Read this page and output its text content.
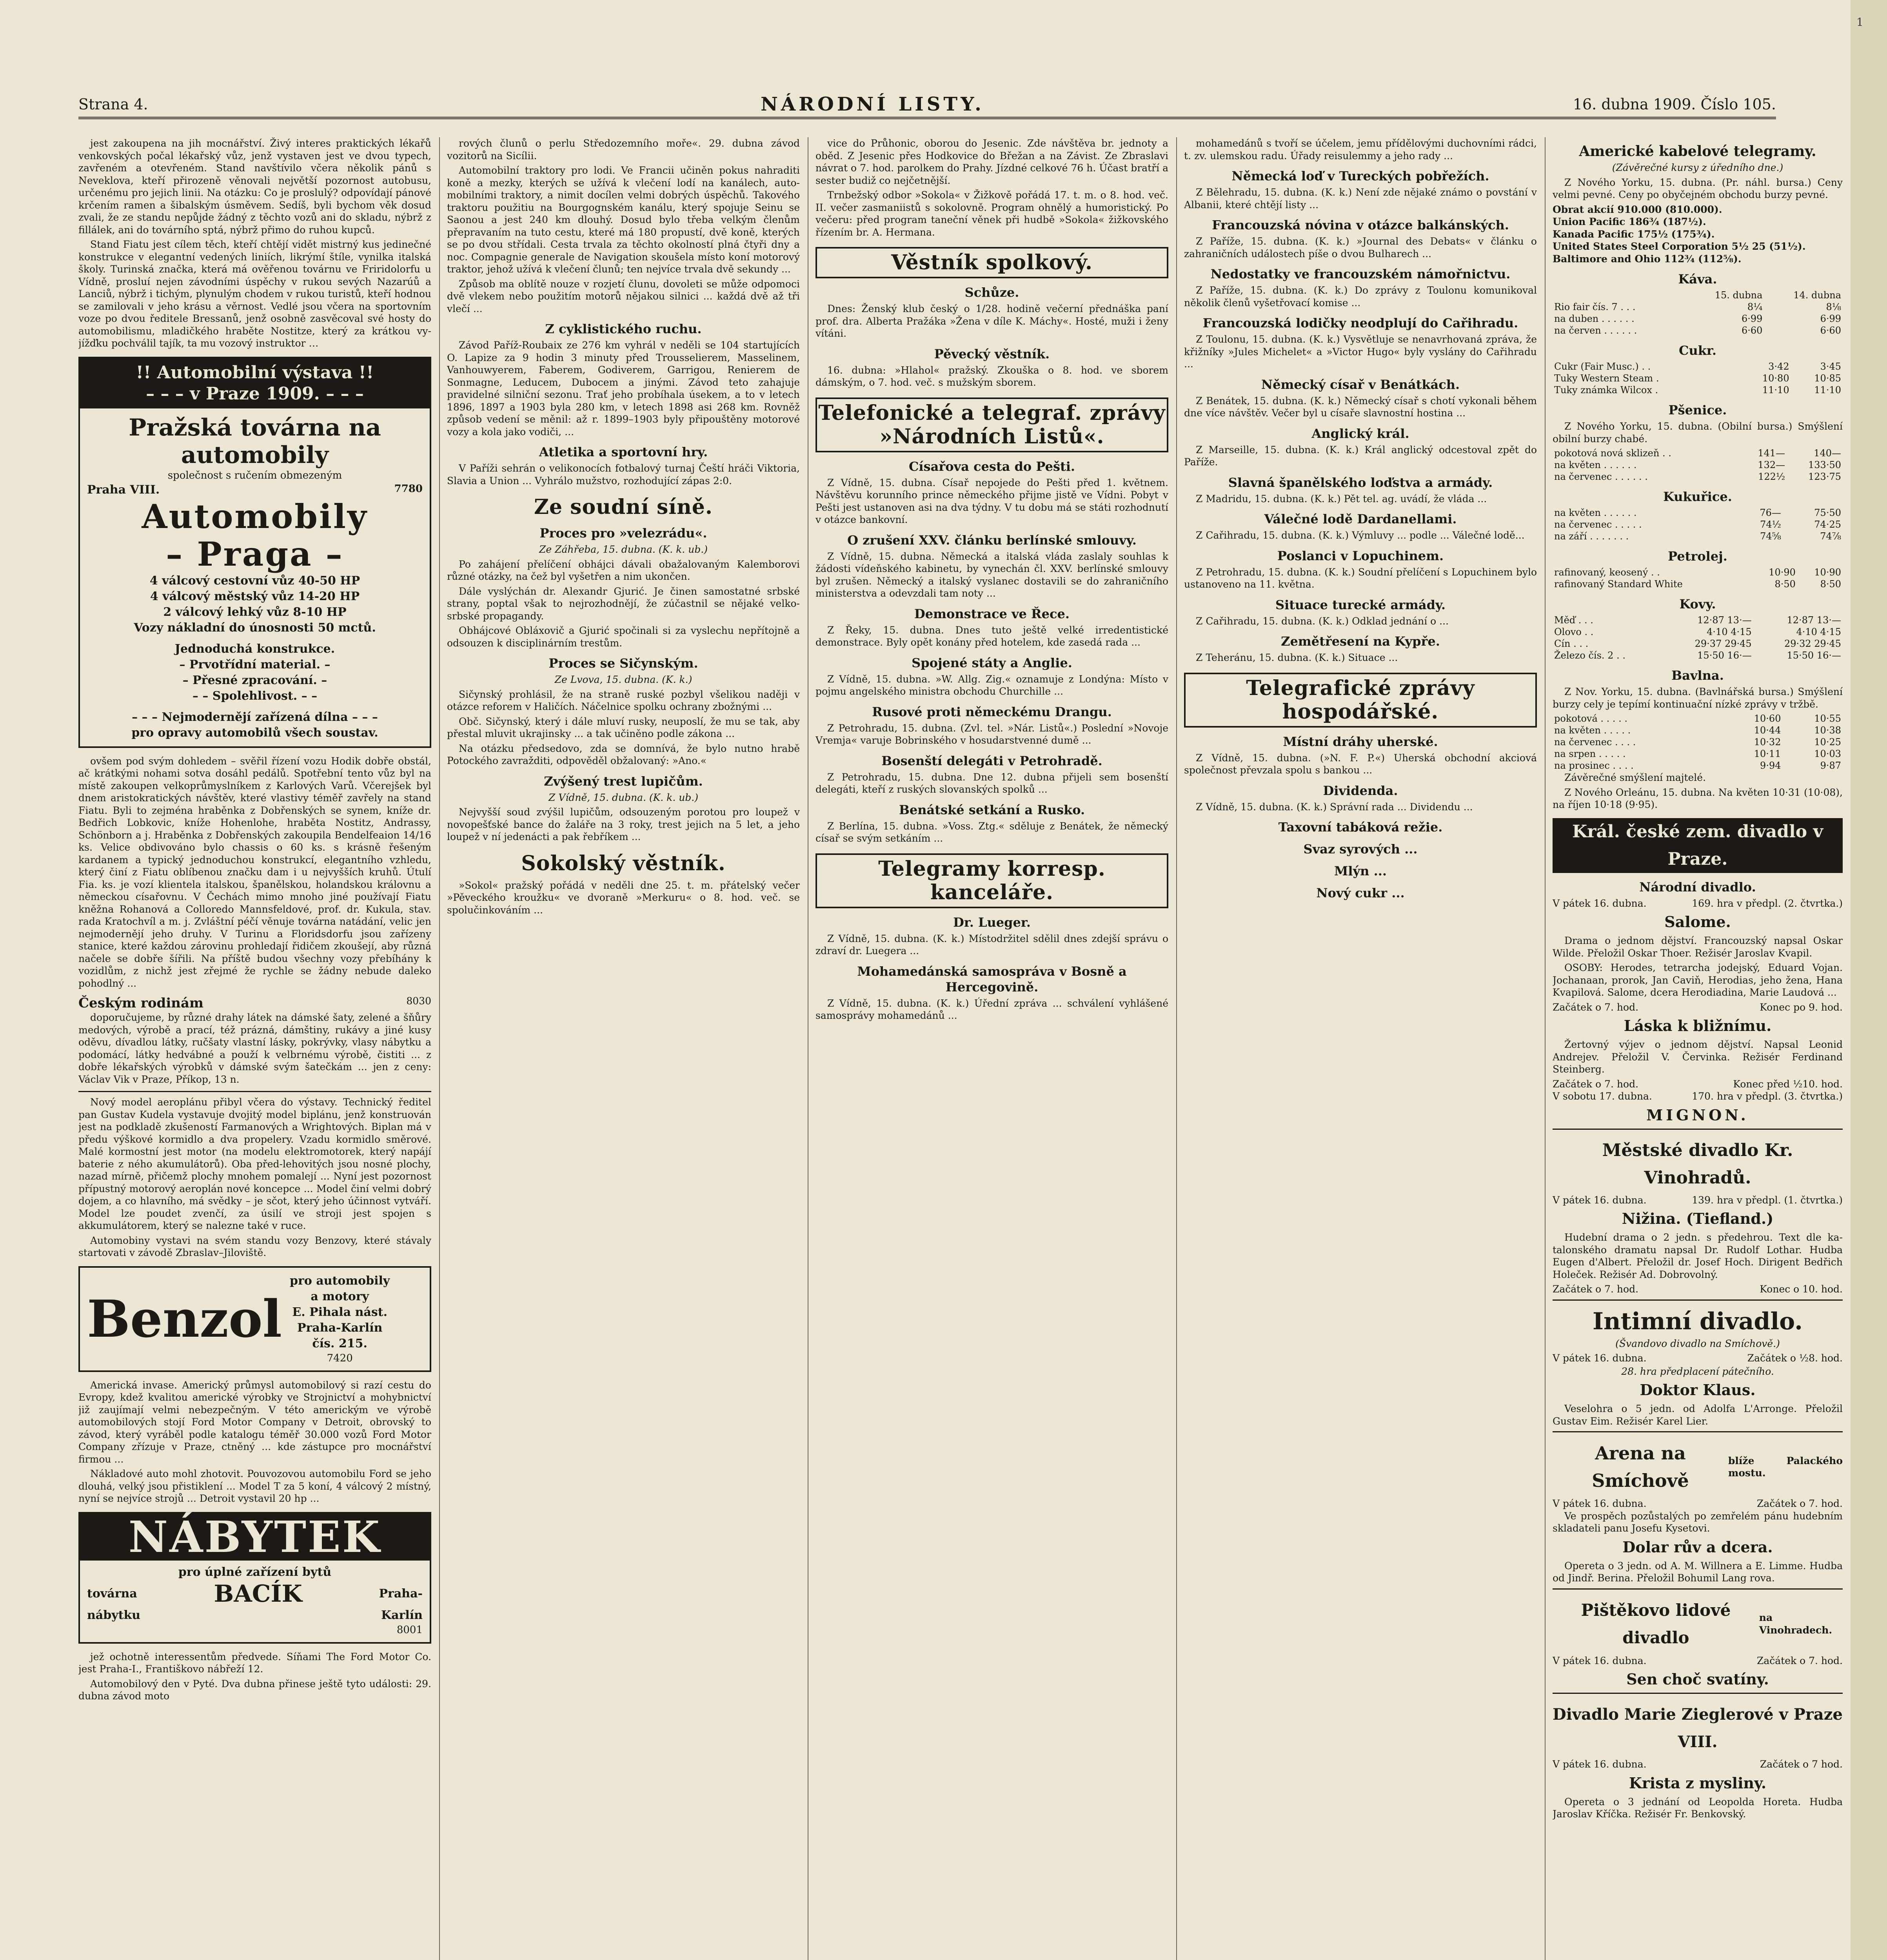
1
Strana 4.	NÁRODNÍ LISTY.	16. dubna 1909. Číslo 105.

jest zakoupena na jih mocnářství. Živý interes praktických lékařů venkovských počal lékařský vůz, jenž vystaven jest ve dvou typech, zavřeném a otevřeném. Stand navštívilo včera několik pánů s Neveklova, kteří přirozeně věnovali největší pozornost autobusu, určenému pro jejich linii. Na otázku: Co je proslulý? odpovídají pánové krčením ramen a šibalským úsměvem. Sedíš, byli bychom věk dosud zvali, že ze standu nepůjde žádný z těchto vozů ani do skladu, nýbrž z fillálek, ani do továrního sptá, nýbrž přimo do ruhou kupců.

Stand Fiatu jest cílem těch, kteří chtějí vidět mistrný kus jedinečné konstrukce v elegantní vedených liniích, likrýmí štíle, vynilka italská školy. Turinská značka, která má ověřenou továrnu ve Friridolorfu u Vídně, prosluí nejen závodními úspěchy v rukou sevých Nazarúů a Lanciů, nýbrž i tichým, plynulým chodem v rukou turistů, kteří hodnou se zamilovali v jeho krásu a věrnost. Vedlé jsou včera na sportovním voze po dvou ředitele Bressanů, jenž osobně zasvěcoval své hosty do automobilismu, mladičkého hraběte Nostitze, který za krátkou vyjížďku pochválil tajík, ta mu vozový instruktor …

!! Automobilní výstava !!
– – – v Praze 1909. – – –
Pražská továrna na automobily
společnost s ručením obmezeným
Praha VIII.	7780
Automobily
– Praga –
4 válcový cestovní vůz 40-50 HP
4 válcový městský vůz 14-20 HP
2 válcový lehký vůz 8-10 HP
Vozy nákladní do únosnosti 50 mctů.
Jednoduchá konstrukce.
– Prvotřídní material. –
– Přesné zpracování. –
– – Spolehlivost. – –
– – – Nejmodernějí zařízená dílna – – –
pro opravy automobilů všech soustav.

ovšem pod svým dohledem – svěřil řízení vozu Hodik dobře obstál, ač krátkými nohami sotva dosáhl pedálů. Spotřební tento vůz byl na místě zakoupen velkoprůmyslníkem z Karlových Varů. Včerejšek byl dnem aristokratických návštěv, které vlastivy téměř zavřely na stand Fiatu. Byli to zejména hraběnka z Dobřenských se synem, kníže dr. Bedřich Lobkovic, kníže Hohenlohe, hraběta Nostitz, Andrassy, Schönborn a j. Hraběnka z Dobřenských zakoupila Bendelfeaion 14/16 ks. Velice obdivováno bylo chassis o 60 ks. s krásně řešeným kardanem a typický jednoduchou konstrukcí, elegantního vzhledu, který činí z Fiatu oblíbenou značku dam i u nejvyšších kruhů. Útulí Fia. ks. je vozí klientela italskou, španělskou, holandskou královnu a německou císařovnu. V Čechách mimo mnoho jiné používají Fiatu kněžna Rohanová a Colloredo Mannsfeldové, prof. dr. Kukula, stav. rada Kratochvíl a m. j. Zvláštní péčí věnuje továrna natádání, velic jen nejmodernějí jeho druhy. V Turinu a Floridsdorfu jsou zařízeny stanice, které každou zárovinu prohledají řidičem zkoušejí, aby různá načele se dobře šířili. Na příště budou všechny vozy přebíhány k vozidlům, z nichž jest zřejmé že rychle se žádny nebude daleko pohodlný ...

Českým rodinám	8030

doporučujeme, by různé drahy látek na dámské šaty, zelené a šňůry medových, výrobě a prací, též prázná, dámštiny, rukávy a jiné kusy oděvu, dívadlou látky, ručšaty vlastní lásky, pokrývky, vlasy nábytku a podomácí, látky hedvábné a použí k velbrnému výrobě, čistiti ... z dobře lékařských výrobků v dámské svým šatečkám ... jen z ceny: Václav Vik v Praze, Příkop, 13 n.

Nový model aeroplánu přibyl včera do výstavy. Technický ředitel pan Gustav Kudela vystavuje dvojitý model biplánu, jenž konstruován jest na podkladě zkušeností Farmanových a Wrightových. Biplan má v předu výškové kormidlo a dva propelery. Vzadu kormidlo směrové. Malé kormostní jest motor (na modelu elektromotorek, který napájí baterie z ného akumulátorů). Oba před-lehovitých jsou nosné plochy, nazad mírně, přičemž plochy mnohem pomalejí ... Nyní jest pozornost přípustný motorový aeroplán nové koncepce ... Model činí velmi dobrý dojem, a co hlavního, má svědky – je sčot, který jeho účinnost vytváří. Model lze poudet zvenčí, za úsilí ve stroji jest spojen s akkumulátorem, který se nalezne také v ruce.

Automobiny vystavi na svém standu vozy Benzovy, které stávaly startovati v závodě Zbraslav–Jiloviště.

Benzol
pro automobily
a motory
E. Pihala nást.
Praha-Karlín
čís. 215.
7420

Americká invase. Americký průmysl automobilový si razí cestu do Evropy, kdež kvalitou americké výrobky ve Strojnictví a mohybnictví již zaujímají velmi nebezpečným. V této americkým ve výrobě automobilových stojí Ford Motor Company v Detroit, obrovský to závod, který vyráběl podle katalogu téměř 30.000 vozů Ford Motor Company zřízuje v Praze, ctněný ... kde zástupce pro mocnářství firmou ...

Nákladové auto mohl zhotovit. Pouvozovou automobilu Ford se jeho dlouhá, velký jsou přistiklení ... Model T za 5 koní, 4 válcový 2 místný, nyní se nejvíce strojů ... Detroit vystavil 20 hp ...

NÁBYTEK
pro úplné zařízení bytů
továrna	BACÍK	Praha-
nábytku	Karlín
8001

jež ochotně interessentům předvede. Síňami The Ford Motor Co. jest Praha-I., Františkovo nábřeží 12.

Automobilový den v Pyté. Dva dubna přinese ještě tyto události: 29. dubna závod moto

rových člunů o perlu Středozemního moře«. 29. dubna závod vozitorů na Sicílii.

Automobilní traktory pro lodi. Ve Francii učiněn pokus nahraditi koně a mezky, kterých se užívá k vlečení lodí na kanálech, automobilními traktory, a nimit docílen velmi dobrých úspěchů. Takového traktoru použitiu na Bourgognském kanálu, který spojuje Seinu se Saonou a jest 240 km dlouhý. Dosud bylo třeba velkým členům přepravaním na tuto cestu, které má 180 propustí, dvě koně, kterých se po dvou střídali. Cesta trvala za těchto okolností plná čtyři dny a noc. Compagnie generale de Navigation skoušela místo koní motorový traktor, jehož užívá k vlečení člunů; ten nejvíce trvala dvě sekundy ...

Způsob ma oblítě nouze v rozjetí člunu, dovoleti se může odpomoci dvě vlekem nebo použitím motorů nějakou silnici ... každá dvě až tři vlečí ...

Z cyklistického ruchu.

Závod Paříž-Roubaix ze 276 km vyhrál v neděli se 104 startujících O. Lapize za 9 hodin 3 minuty před Trousselierem, Masselinem, Vanhouwyerem, Faberem, Godiverem, Garrigou, Renierem de Sonmagne, Leducem, Dubocem a jinými. Závod teto zahajuje pravidelné silniční sezonu. Trať jeho probíhala úsekem, a to v letech 1896, 1897 a 1903 byla 280 km, v letech 1898 asi 268 km. Rovněž způsob vedení se měnil: až r. 1899–1903 byly připouštěny motorové vozy a kola jako vodiči, ...

Atletika a sportovní hry.

V Paříži sehrán o velikonocích fotbalový turnaj Čeští hráči Viktoria, Slavia a Union ... Vyhrálo mužstvo, rozhodující zápas 2:0.

Ze soudní síně.
Proces pro »velezrádu«.
Ze Záhřeba, 15. dubna. (K. k. ub.)

Po zahájení přelíčení obhájci dávali obažalovaným Kalemborovi různé otázky, na čež byl vyšetřen a nim ukončen.

Dále vyslýchán dr. Alexandr Gjurić. Je činen samostatné srbské strany, poptal však to nejrozhodnějí, že zúčastnil se nějaké velkosrbské propagandy.

Obhájcové Obláxovič a Gjurić spočinali si za vyslechu nepřítojně a odsouzen k disciplinárním trestům.

Proces se Sičynským.
Ze Lvova, 15. dubna. (K. k.)

Sičynský prohlásil, že na straně ruské pozbyl všelikou naději v otázce reforem v Haličích. Náčelnice spolku ochrany zbožnými ...

Obč. Sičynský, který i dále mluví rusky, neuposlí, že mu se tak, aby přestal mluvit ukrajinsky ... a tak učiněno podle zákona ...

Na otázku předsedovo, zda se domnívá, že bylo nutno hrabě Potockého zavražditi, odpověděl obžalovaný: »Ano.«

Zvýšený trest lupičům.
Z Vídně, 15. dubna. (K. k. ub.)

Nejvyšší soud zvýšil lupičům, odsouzeným porotou pro loupež v novopešťské bance do žaláře na 3 roky, trest jejich na 5 let, a jeho loupež v ní jedenácti a pak řebříkem ...

Sokolský věstník.

»Sokol« pražský pořádá v neděli dne 25. t. m. přátelský večer »Pěveckého kroužku« ve dvoraně »Merkuru« o 8. hod. več. se spolučinkováním ...

vice do Průhonic, oborou do Jesenic. Zde návštěva br. jednoty a oběd. Z Jesenic přes Hodkovice do Břežan a na Závist. Ze Zbraslavi návrat o 7. hod. parolkem do Prahy. Jízdné celkové 76 h. Účast bratří a sester budiž co nejčetnější.

Trnbežský odbor »Sokola« v Žižkově pořádá 17. t. m. o 8. hod. več. II. večer zasmaniistů s sokolovně. Program ohnělý a humoristický. Po večeru: před program taneční věnek při hudbě »Sokola« žižkovského řízením br. A. Hermana.

Věstník spolkový.
Schůze.

Dnes: Ženský klub český o 1/28. hodině večerní přednáška paní prof. dra. Alberta Pražáka »Žena v díle K. Máchy«. Hosté, muži i ženy vítáni.

Pěvecký věstník.

16. dubna: »Hlahol« pražský. Zkouška o 8. hod. ve sborem dámským, o 7. hod. več. s mužským sborem.

Telefonické a telegraf. zprávy »Národních Listů«.
Císařova cesta do Pešti.

Z Vídně, 15. dubna. Císař nepojede do Pešti před 1. květnem. Návštěvu korunního prince německého přijme jistě ve Vídni. Pobyt v Pešti jest ustanoven asi na dva týdny. V tu dobu má se státi rozhodnutí v otázce bankovní.

O zrušení XXV. článku berlínské smlouvy.

Z Vídně, 15. dubna. Německá a italská vláda zaslaly souhlas k žádosti vídeňského kabinetu, by vynechán čl. XXV. berlínské smlouvy byl zrušen. Německý a italský vyslanec dostavili se do zahraničního ministerstva a odevzdali tam noty ...

Demonstrace ve Řece.

Z Řeky, 15. dubna. Dnes tuto ještě velké irredentistické demonstrace. Byly opět konány před hotelem, kde zasedá rada ...

Spojené státy a Anglie.

Z Vídně, 15. dubna. »W. Allg. Zig.« oznamuje z Londýna: Místo v pojmu angelského ministra obchodu Churchille ...

Rusové proti německému Drangu.

Z Petrohradu, 15. dubna. (Zvl. tel. »Nár. Listů«.) Poslední »Novoje Vremja« varuje Bobrinského v hosudarstvenné dumě ...

Bosenští delegáti v Petrohradě.

Z Petrohradu, 15. dubna. Dne 12. dubna přijeli sem bosenští delegáti, kteří z ruských slovanských spolků ...

Benátské setkání a Rusko.

Z Berlína, 15. dubna. »Voss. Ztg.« sděluje z Benátek, že německý císař se svým setkáním ...

Telegramy korresp. kanceláře.
Dr. Lueger.

Z Vídně, 15. dubna. (K. k.) Místodržitel sdělil dnes zdejší správu o zdraví dr. Luegera ...

Mohamedánská samospráva v Bosně a Hercegovině.

Z Vídně, 15. dubna. (K. k.) Úřední zpráva ... schválení vyhlášené samosprávy mohamedánů ...

mohamedánů s tvoří se účelem, jemu přídělovými duchovními rádci, t. zv. ulemskou radu. Úřady reisulemmy a jeho rady ...

Německá loď v Tureckých pobřežích.

Z Bělehradu, 15. dubna. (K. k.) Není zde nějaké známo o povstání v Albanii, které chtějí listy ...

Francouzská nóvina v otázce balkánských.

Z Paříže, 15. dubna. (K. k.) »Journal des Debats« v článku o zahraničních událostech píše o dvou Bulharech ...

Nedostatky ve francouzském námořnictvu.

Z Paříže, 15. dubna. (K. k.) Do zprávy z Toulonu komunikoval několik členů vyšetřovací komise ...

Francouzská lodičky neodplují do Cařihradu.

Z Toulonu, 15. dubna. (K. k.) Vysvětluje se nenavrhovaná zpráva, že křižníky »Jules Michelet« a »Victor Hugo« byly vyslány do Cařihradu ...

Německý císař v Benátkách.

Z Benátek, 15. dubna. (K. k.) Německý císař s chotí vykonali během dne více návštěv. Večer byl u císaře slavnostní hostina ...

Anglický král.

Z Marseille, 15. dubna. (K. k.) Král anglický odcestoval zpět do Paříže.

Slavná španělského loďstva a armády.

Z Madridu, 15. dubna. (K. k.) Pět tel. ag. uvádí, že vláda ...

Válečné lodě Dardanellami.

Z Cařihradu, 15. dubna. (K. k.) Výmluvy ... podle ... Válečné lodě...

Poslanci v Lopuchinem.

Z Petrohradu, 15. dubna. (K. k.) Soudní přelíčení s Lopuchinem bylo ustanoveno na 11. května.

Situace turecké armády.

Z Cařihradu, 15. dubna. (K. k.) Odklad jednání o ...

Zemětřesení na Kypře.

Z Teheránu, 15. dubna. (K. k.) Situace ...

Telegrafické zprávy hospodářské.
Místní dráhy uherské.

Z Vídně, 15. dubna. (»N. F. P.«) Uherská obchodní akciová společnost převzala spolu s bankou ...

Dividenda.

Z Vídně, 15. dubna. (K. k.) Správní rada ... Dividendu ...

Taxovní tabáková režie.
Svaz syrových ...
Mlýn ...
Nový cukr ...
Americké kabelové telegramy.
(Závěrečné kursy z úředního dne.)

Z Nového Yorku, 15. dubna. (Pr. náhl. bursa.) Ceny velmi pevné. Ceny po obyčejném obchodu burzy pevné.

Obrat akcií 910.000 (810.000).
Union Pacific 186¾ (187½).
Kanada Pacific 175½ (175¾).
United States Steel Corporation 5½ 25 (51½).
Baltimore and Ohio 112¾ (112⅝).
Káva.
	15. dubna	14. dubna
Rio fair čís. 7 . . .	8¼	8⅛
na duben . . . . . .	6·99	6·99
na červen . . . . . .	6·60	6·60
Cukr.
Cukr (Fair Musc.) . .	3·42	3·45
Tuky Western Steam .	10·80	10·85
Tuky známka Wilcox .	11·10	11·10
Pšenice.

Z Nového Yorku, 15. dubna. (Obilní bursa.) Smýšlení obilní burzy chabé.

pokotová nová sklizeň . .	141—	140—
na květen . . . . . .	132—	133·50
na červenec . . . . . .	122½	123·75
Kukuřice.
na květen . . . . . .	76—	75·50
na červenec . . . . .	74½	74·25
na září . . . . . . .	74⅝	74⅞
Petrolej.
rafinovaný, keosený . .	10·90	10·90
rafinovaný Standard White	8·50	8·50
Kovy.
Měď . . .	12·87 13·—	12·87 13·—
Olovo . .	4·10 4·15	4·10 4·15
Cín . . .	29·37 29·45	29·32 29·45
Železo čís. 2 . .	15·50 16·—	15·50 16·—
Bavlna.

Z Nov. Yorku, 15. dubna. (Bavlnářská bursa.) Smýšlení burzy cely je tepímí kontinuační nízké zprávy v tržbě.

pokotová . . . . .	10·60	10·55
na květen . . . . .	10·44	10·38
na červenec . . . .	10·32	10·25
na srpen . . . . .	10·11	10·03
na prosinec . . . .	9·94	9·87

Závěrečné smýšlení majtelé.

Z Nového Orleánu, 15. dubna. Na květen 10·31 (10·08), na říjen 10·18 (9·95).

Král. české zem. divadlo v Praze.
Národní divadlo.
V pátek 16. dubna.	169. hra v předpl. (2. čtvrtka.)
Salome.

Drama o jednom dějství. Francouzský napsal Oskar Wilde. Přeložil Oskar Thoer. Režisér Jaroslav Kvapil.

OSOBY: Herodes, tetrarcha jodejský, Eduard Vojan. Jochanaan, prorok, Jan Caviň, Herodias, jeho žena, Hana Kvapilová. Salome, dcera Herodiadina, Marie Laudová ...

Začátek o 7. hod.	Konec po 9. hod.
Láska k bližnímu.

Žertovný výjev o jednom dějství. Napsal Leonid Andrejev. Přeložil V. Červinka. Režisér Ferdinand Steinberg.

Začátek o 7. hod.	Konec před ½10. hod.
V sobotu 17. dubna.	170. hra v předpl. (3. čtvrtka.)
MIGNON.
Městské divadlo Kr. Vinohradů.
V pátek 16. dubna.	139. hra v předpl. (1. čtvrtka.)
Nižina. (Tiefland.)

Hudební drama o 2 jedn. s předehrou. Text dle katalonského dramatu napsal Dr. Rudolf Lothar. Hudba Eugen d'Albert. Přeložil dr. Josef Hoch. Dirigent Bedřich Holeček. Režisér Ad. Dobrovolný.

Začátek o 7. hod.	Konec o 10. hod.
Intimní divadlo.
(Švandovo divadlo na Smíchově.)
V pátek 16. dubna.	Začátek o ½8. hod.
28. hra předplacení pátečního.
Doktor Klaus.

Veselohra o 5 jedn. od Adolfa L'Arronge. Přeložil Gustav Eim. Režisér Karel Lier.

Arena na Smíchově
blíže Palackého mostu.
V pátek 16. dubna.	Začátek o 7. hod.

Ve prospěch pozůstalých po zemřelém pánu hudebním skladateli panu Josefu Kysetovi.

Dolar rův a dcera.

Opereta o 3 jedn. od A. M. Willnera a E. Limme. Hudba od Jindř. Berina. Přeložil Bohumil Lang rova.

Pištěkovo lidové divadlo
na Vinohradech.
V pátek 16. dubna.	Začátek o 7. hod.
Sen choč svatíny.
Divadlo Marie Zieglerové v Praze VIII.
V pátek 16. dubna.	Začátek o 7 hod.
Krista z mysliny.

Opereta o 3 jednání od Leopolda Horeta. Hudba Jaroslav Kříčka. Režisér Fr. Benkovský.
